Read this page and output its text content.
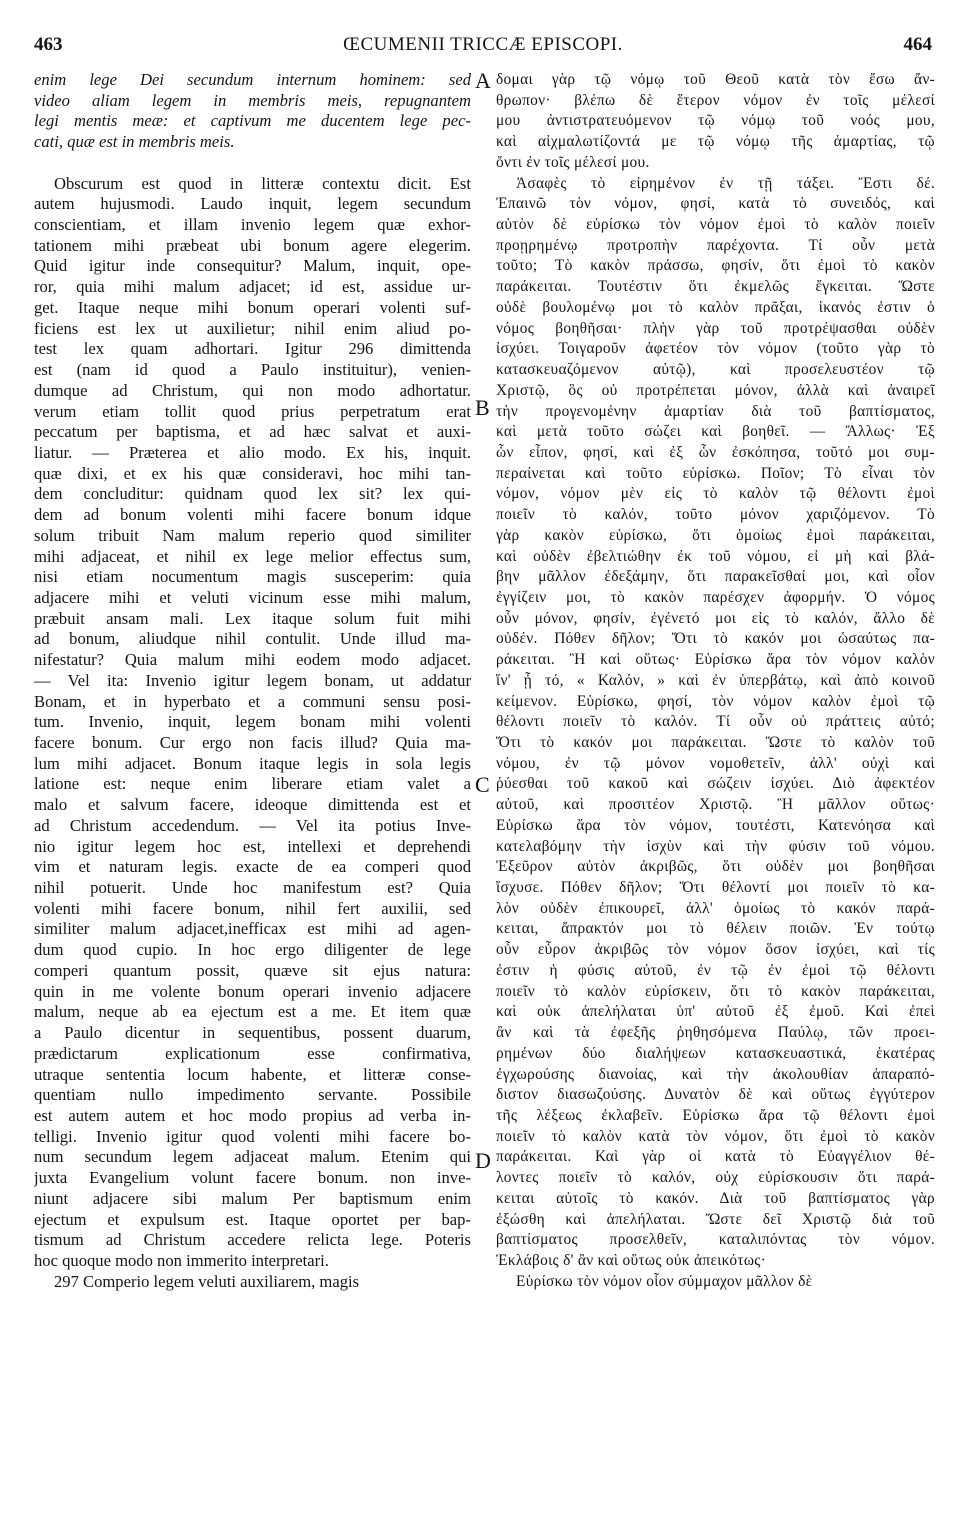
463	ŒCUMENII TRICCÆ EPISCOPI.	464
A
B
C
D
enim lege Dei secundum internum hominem: sed
video aliam legem in membris meis, repugnantem
legi mentis meæ: et captivum me ducentem lege pec-
cati, quæ est in membris meis.
Obscurum est quod in litteræ contextu dicit. Est
autem hujusmodi. Laudo inquit, legem secundum
conscientiam, et illam invenio legem quæ exhor-
tationem mihi præbeat ubi bonum agere elegerim.
Quid igitur inde consequitur? Malum, inquit, ope-
ror, quia mihi malum adjacet; id est, assidue ur-
get. Itaque neque mihi bonum operari volenti suf-
ficiens est lex ut auxilietur; nihil enim aliud po-
test lex quam adhortari. Igitur 296 dimittenda
est (nam id quod a Paulo instituitur), venien-
dumque ad Christum, qui non modo adhortatur.
verum etiam tollit quod prius perpetratum erat
peccatum per baptisma, et ad hæc salvat et auxi-
liatur. — Præterea et alio modo. Ex his, inquit.
quæ dixi, et ex his quæ consideravi, hoc mihi tan-
dem concluditur: quidnam quod lex sit? lex qui-
dem ad bonum volenti mihi facere bonum idque
solum tribuit Nam malum reperio quod similiter
mihi adjaceat, et nihil ex lege melior effectus sum,
nisi etiam nocumentum magis susceperim: quia
adjacere mihi et veluti vicinum esse mihi malum,
præbuit ansam mali. Lex itaque solum fuit mihi
ad bonum, aliudque nihil contulit. Unde illud ma-
nifestatur? Quia malum mihi eodem modo adjacet.
— Vel ita: Invenio igitur legem bonam, ut addatur
Bonam, et in hyperbato et a communi sensu posi-
tum. Invenio, inquit, legem bonam mihi volenti
facere bonum. Cur ergo non facis illud? Quia ma-
lum mihi adjacet. Bonum itaque legis in sola legis
latione est: neque enim liberare etiam valet a
malo et salvum facere, ideoque dimittenda est et
ad Christum accedendum. — Vel ita potius Inve-
nio igitur legem hoc est, intellexi et deprehendi
vim et naturam legis. exacte de ea comperi quod
nihil potuerit. Unde hoc manifestum est? Quia
volenti mihi facere bonum, nihil fert auxilii, sed
similiter malum adjacet,inefficax est mihi ad agen-
dum quod cupio. In hoc ergo diligenter de lege
comperi quantum possit, quævе sit ejus natura:
quin in me volente bonum operari invenio adjacere
malum, neque ab ea ejectum est a me. Et item quæ
a Paulo dicentur in sequentibus, possent duarum,
prædictarum explicationum esse confirmativa,
utraque sententia locum habente, et litteræ conse-
quentiam nullo impedimento servante. Possibile
est autem autem et hoc modo propius ad verba in-
telligi. Invenio igitur quod volenti mihi facere bo-
num secundum legem adjaceat malum. Etenim qui
juxta Evangelium volunt facere bonum. non inve-
niunt adjacere sibi malum Per baptismum enim
ejectum et expulsum est. Itaque oportet per bap-
tismum ad Christum accedere relicta lege. Poteris
hoc quoque modo non immerito interpretari.
297 Comperio legem veluti auxiliarem, magis
δομαι γὰρ τῷ νόμῳ τοῦ Θεοῦ κατὰ τὸν ἔσω ἄν-
θρωπον· βλέπω δὲ ἕτερον νόμον ἐν τοῖς μέλεσί
μου ἀντιστρατευόμενον τῷ νόμῳ τοῦ νοός μου,
καὶ αἰχμαλωτίζοντά με τῷ νόμῳ τῆς ἁμαρτίας, τῷ
ὄντι ἐν τοῖς μέλεσί μου.
Ἀσαφὲς τὸ εἰρημένον ἐν τῇ τάξει. Ἔστι δέ.
Ἐπαινῶ τὸν νόμον, φησί, κατὰ τὸ συνειδός, καὶ
αὐτὸν δὲ εὑρίσκω τὸν νόμον ἐμοὶ τὸ καλὸν ποιεῖν
προῃρημένῳ προτροπὴν παρέχοντα. Τί οὖν μετὰ
τοῦτο; Τὸ κακὸν πράσσω, φησίν, ὅτι ἐμοὶ τὸ κακὸν
παράκειται. Τουτέστιν ὅτι ἐκμελῶς ἔγκειται. Ὥστε
οὐδὲ βουλομένῳ μοι τὸ καλὸν πρᾶξαι, ἱκανός ἐστιν ὁ
νόμος βοηθῆσαι· πλὴν γὰρ τοῦ προτρέψασθαι οὐδὲν
ἰσχύει. Τοιγαροῦν ἀφετέον τὸν νόμον (τοῦτο γὰρ τὸ
κατασκευαζόμενον αὐτῷ), καὶ προσελευστέον τῷ
Χριστῷ, ὃς οὐ προτρέπεται μόνον, ἀλλὰ καὶ ἀναιρεῖ
τὴν προγενομένην ἁμαρτίαν διὰ τοῦ βαπτίσματος,
καὶ μετὰ τοῦτο σώζει καὶ βοηθεῖ. — Ἄλλως· Ἐξ
ὧν εἶπον, φησί, καὶ ἐξ ὧν ἐσκόπησα, τοῦτό μοι συμ-
περαίνεται καὶ τοῦτο εὑρίσκω. Ποῖον; Τὸ εἶναι τὸν
νόμον, νόμον μὲν εἰς τὸ καλὸν τῷ θέλοντι ἐμοὶ
ποιεῖν τὸ καλόν, τοῦτο μόνον χαριζόμενον. Τὸ
γὰρ κακὸν εὑρίσκω, ὅτι ὁμοίως ἐμοὶ παράκειται,
καὶ οὐδὲν ἐβελτιώθην ἐκ τοῦ νόμου, εἰ μὴ καὶ βλά-
βην μᾶλλον ἐδεξάμην, ὅτι παρακεῖσθαί μοι, καὶ οἷον
ἐγγίζειν μοι, τὸ κακὸν παρέσχεν ἀφορμήν. Ὁ νόμος
οὖν μόνον, φησίν, ἐγένετό μοι εἰς τὸ καλόν, ἄλλο δὲ
οὐδέν. Πόθεν δῆλον; Ὅτι τὸ κακόν μοι ὡσαύτως πα-
ράκειται. Ἢ καὶ οὕτως· Εὑρίσκω ἄρα τὸν νόμον καλὸν
ἵν' ᾖ τό, « Καλόν, » καὶ ἐν ὑπερβάτῳ, καὶ ἀπὸ κοινοῦ
κείμενον. Εὑρίσκω, φησί, τὸν νόμον καλὸν ἐμοὶ τῷ
θέλοντι ποιεῖν τὸ καλόν. Τί οὖν οὐ πράττεις αὐτό;
Ὅτι τὸ κακόν μοι παράκειται. Ὥστε τὸ καλὸν τοῦ
νόμου, ἐν τῷ μόνον νομοθετεῖν, ἀλλ' οὐχὶ καὶ
ῥύεσθαι τοῦ κακοῦ καὶ σώζειν ἰσχύει. Διὸ ἀφεκτέον
αὐτοῦ, καὶ προσιτέον Χριστῷ. Ἢ μᾶλλον οὕτως·
Εὑρίσκω ἄρα τὸν νόμον, τουτέστι, Κατενόησα καὶ
κατελαβόμην τὴν ἰσχὺν καὶ τὴν φύσιν τοῦ νόμου.
Ἐξεῦρον αὐτὸν ἀκριβῶς, ὅτι οὐδὲν μοι βοηθῆσαι
ἴσχυσε. Πόθεν δῆλον; Ὅτι θέλοντί μοι ποιεῖν τὸ κα-
λὸν οὐδὲν ἐπικουρεῖ, ἀλλ' ὁμοίως τὸ κακόν παρά-
κειται, ἄπρακτόν μοι τὸ θέλειν ποιῶν. Ἐν τούτῳ
οὖν εὗρον ἀκριβῶς τὸν νόμον ὅσον ἰσχύει, καὶ τίς
ἐστιν ἡ φύσις αὐτοῦ, ἐν τῷ ἐν ἐμοὶ τῷ θέλοντι
ποιεῖν τὸ καλὸν εὑρίσκειν, ὅτι τὸ κακὸν παράκειται,
καὶ οὐκ ἀπελήλαται ὑπ' αὐτοῦ ἐξ ἐμοῦ. Καὶ ἐπεὶ
ἂν καὶ τὰ ἐφεξῆς ῥηθησόμενα Παύλῳ, τῶν προει-
ρημένων δύο διαλήψεων κατασκευαστικά, ἑκατέρας
ἐγχωρούσης διανοίας, καὶ τὴν ἀκολουθίαν ἀπαραπό-
διστον διασωζούσης. Δυνατὸν δὲ καὶ οὕτως ἐγγύτερον
τῆς λέξεως ἐκλαβεῖν. Εὑρίσκω ἄρα τῷ θέλοντι ἐμοὶ
ποιεῖν τὸ καλὸν κατὰ τὸν νόμον, ὅτι ἐμοὶ τὸ κακὸν
παράκειται. Καὶ γὰρ οἱ κατὰ τὸ Εὐαγγέλιον θέ-
λοντες ποιεῖν τὸ καλόν, οὐχ εὑρίσκουσιν ὅτι παρά-
κειται αὐτοῖς τὸ κακόν. Διὰ τοῦ βαπτίσματος γὰρ
ἐξώσθη καὶ ἀπελήλαται. Ὥστε δεῖ Χριστῷ διὰ τοῦ
βαπτίσματος προσελθεῖν, καταλιπόντας τὸν νόμον.
Ἐκλάβοις δ' ἂν καὶ οὕτως οὐκ ἀπεικότως·
Εὑρίσκω τὸν νόμον οἷον σύμμαχον μᾶλλον δὲ
